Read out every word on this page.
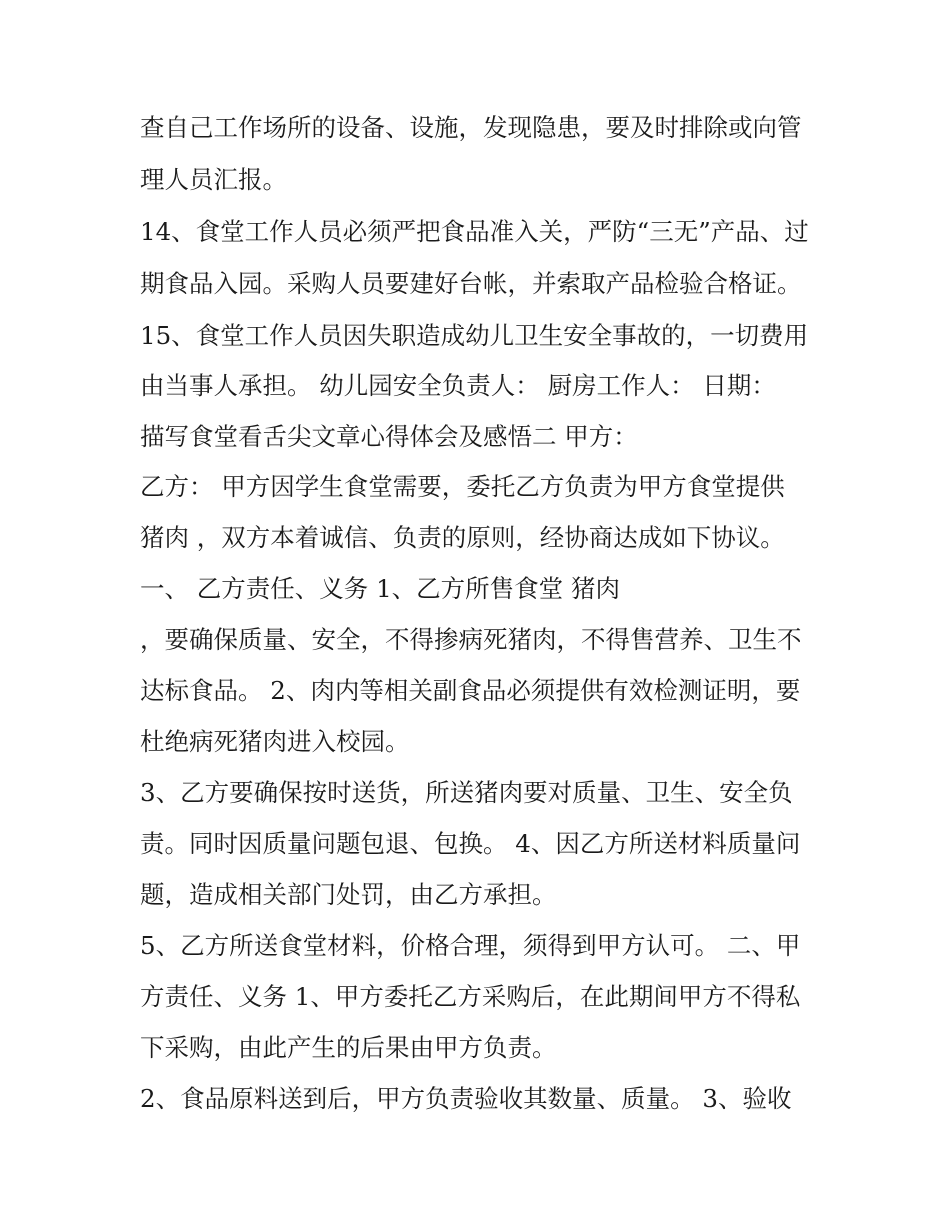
查自己工作场所的设备、设施，发现隐患，要及时排除或向管
理人员汇报。
14、食堂工作人员必须严把食品准入关，严防“三无”产品、过
期食品入园。采购人员要建好台帐，并索取产品检验合格证。
15、食堂工作人员因失职造成幼儿卫生安全事故的，一切费用
由当事人承担。 幼儿园安全负责人： 厨房工作人： 日期：
描写食堂看舌尖文章心得体会及感悟二 甲方：
乙方： 甲方因学生食堂需要，委托乙方负责为甲方食堂提供
猪肉 ，双方本着诚信、负责的原则，经协商达成如下协议。
一、 乙方责任、义务 1、乙方所售食堂 猪肉
，要确保质量、安全，不得掺病死猪肉，不得售营养、卫生不
达标食品。 2、肉内等相关副食品必须提供有效检测证明，要
杜绝病死猪肉进入校园。
3、乙方要确保按时送货，所送猪肉要对质量、卫生、安全负
责。同时因质量问题包退、包换。 4、因乙方所送材料质量问
题，造成相关部门处罚，由乙方承担。
5、乙方所送食堂材料，价格合理，须得到甲方认可。 二、甲
方责任、义务 1、甲方委托乙方采购后，在此期间甲方不得私
下采购，由此产生的后果由甲方负责。
2、食品原料送到后，甲方负责验收其数量、质量。 3、验收
